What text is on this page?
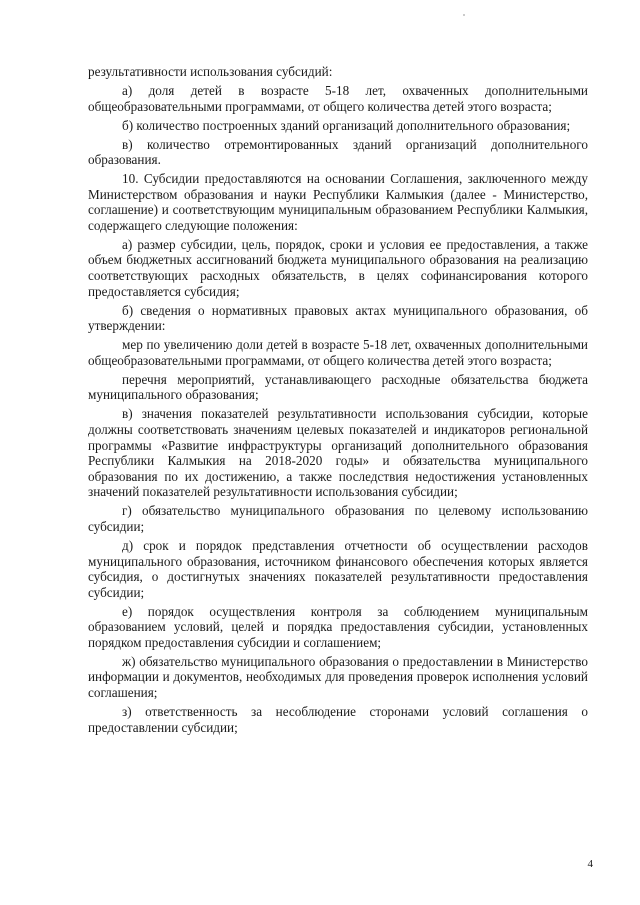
результативности использования субсидий:

а) доля детей в возрасте 5-18 лет, охваченных дополнительными общеобразовательными программами, от общего количества детей этого возраста;

б) количество построенных зданий организаций дополнительного образования;

в) количество отремонтированных зданий организаций дополнительного образования.

10. Субсидии предоставляются на основании Соглашения, заключенного между Министерством образования и науки Республики Калмыкия (далее - Министерство, соглашение) и соответствующим муниципальным образованием Республики Калмыкия, содержащего следующие положения:

а) размер субсидии, цель, порядок, сроки и условия ее предоставления, а также объем бюджетных ассигнований бюджета муниципального образования на реализацию соответствующих расходных обязательств, в целях софинансирования которого предоставляется субсидия;

б) сведения о нормативных правовых актах муниципального образования, об утверждении:

мер по увеличению доли детей в возрасте 5-18 лет, охваченных дополнительными общеобразовательными программами, от общего количества детей этого возраста;

перечня мероприятий, устанавливающего расходные обязательства бюджета муниципального образования;

в) значения показателей результативности использования субсидии, которые должны соответствовать значениям целевых показателей и индикаторов региональной программы «Развитие инфраструктуры организаций дополнительного образования Республики Калмыкия на 2018-2020 годы» и обязательства муниципального образования по их достижению, а также последствия недостижения установленных значений показателей результативности использования субсидии;

г) обязательство муниципального образования по целевому использованию субсидии;

д) срок и порядок представления отчетности об осуществлении расходов муниципального образования, источником финансового обеспечения которых является субсидия, о достигнутых значениях показателей результативности предоставления субсидии;

е) порядок осуществления контроля за соблюдением муниципальным образованием условий, целей и порядка предоставления субсидии, установленных порядком предоставления субсидии и соглашением;

ж) обязательство муниципального образования о предоставлении в Министерство информации и документов, необходимых для проведения проверок исполнения условий соглашения;

з) ответственность за несоблюдение сторонами условий соглашения о предоставлении субсидии;

4
